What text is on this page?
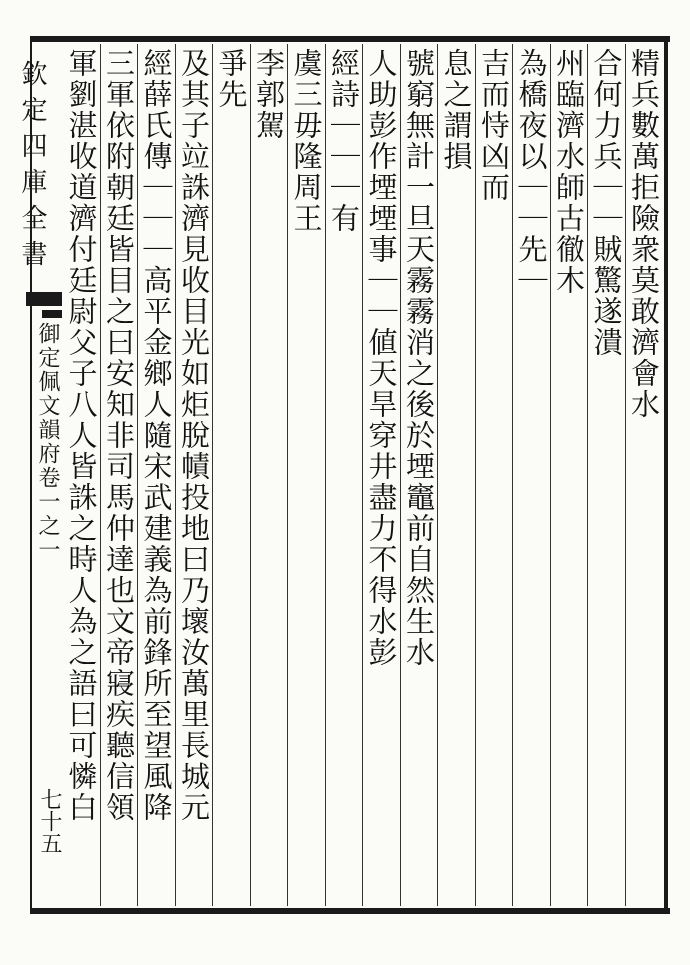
欽定四庫全書
御定佩文韻府卷一之一
七十五
精兵數萬拒險衆莫敢濟會水
合何力兵｜｜賊驚遂潰
州臨濟水師古徹木
為橋夜以｜｜先｜
吉而恃凶而
息之謂損
號窮無計一旦天霧霧消之後於堙竈前自然生水
人助彭作堙堙事｜｜値天旱穿井盡力不得水彭
經詩｜｜｜有
虞三毋隆周王
李郭駕
爭先
及其子竝誅濟見收目光如炬脫幘投地曰乃壞汝萬里長城元
經薛氏傳｜｜｜高平金鄉人隨宋武建義為前鋒所至望風降
三軍依附朝廷皆目之曰安知非司馬仲達也文帝寢疾聽信領
軍劉湛收道濟付廷尉父子八人皆誅之時人為之語曰可憐白
